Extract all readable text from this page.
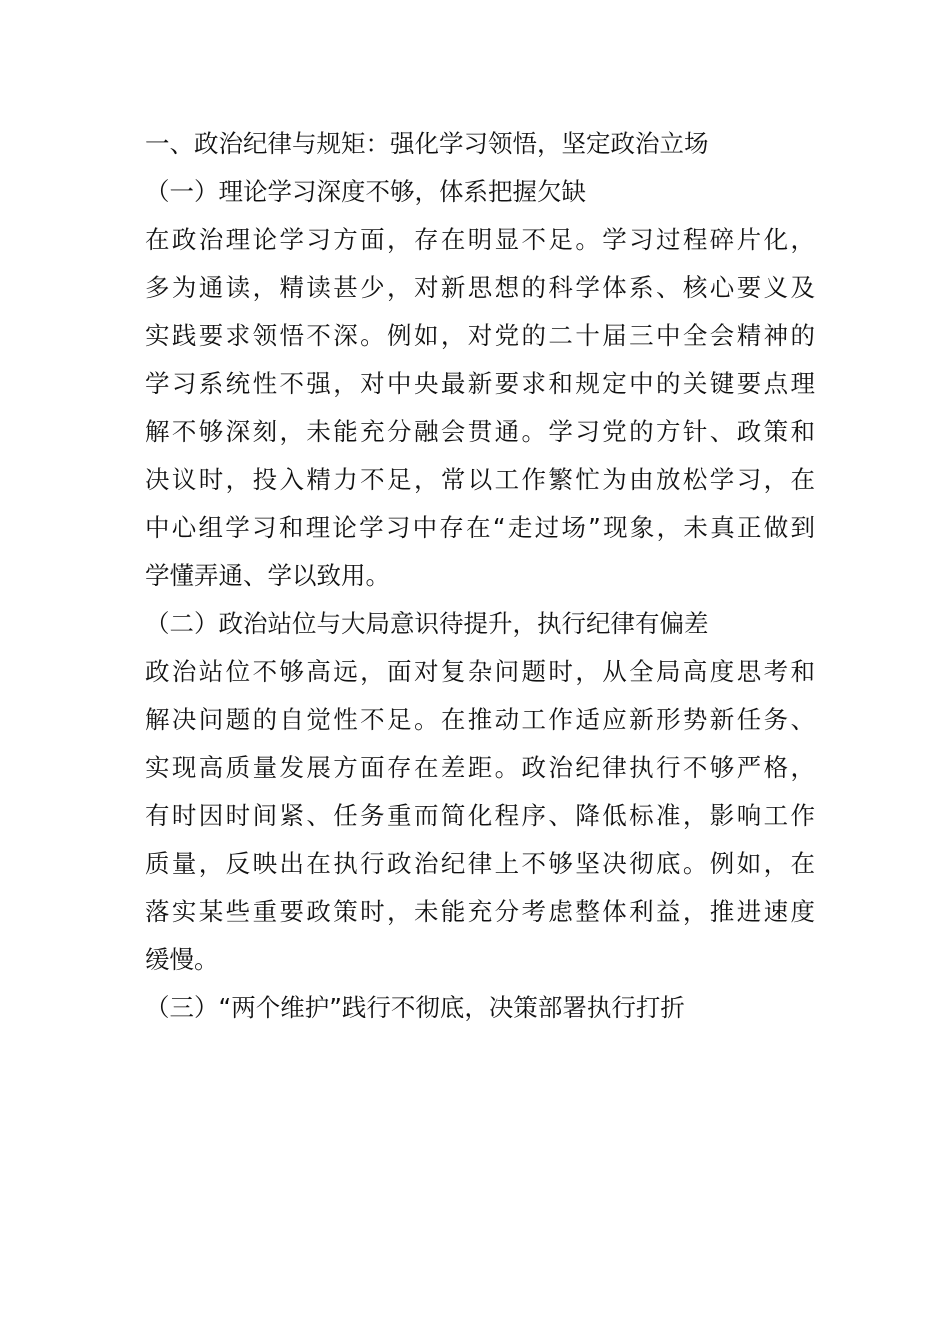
一、政治纪律与规矩：强化学习领悟，坚定政治立场
（一）理论学习深度不够，体系把握欠缺
在政治理论学习方面，存在明显不足。学习过程碎片化，
多为通读，精读甚少，对新思想的科学体系、核心要义及
实践要求领悟不深。例如，对党的二十届三中全会精神的
学习系统性不强，对中央最新要求和规定中的关键要点理
解不够深刻，未能充分融会贯通。学习党的方针、政策和
决议时，投入精力不足，常以工作繁忙为由放松学习，在
中心组学习和理论学习中存在“走过场”现象，未真正做到
学懂弄通、学以致用。
（二）政治站位与大局意识待提升，执行纪律有偏差
政治站位不够高远，面对复杂问题时，从全局高度思考和
解决问题的自觉性不足。在推动工作适应新形势新任务、
实现高质量发展方面存在差距。政治纪律执行不够严格，
有时因时间紧、任务重而简化程序、降低标准，影响工作
质量，反映出在执行政治纪律上不够坚决彻底。例如，在
落实某些重要政策时，未能充分考虑整体利益，推进速度
缓慢。
（三）“两个维护”践行不彻底，决策部署执行打折
